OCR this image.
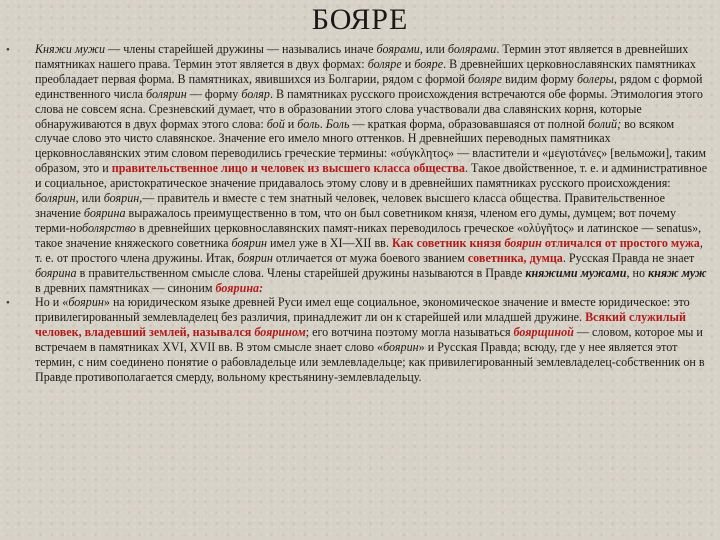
БОЯРЕ

• Княжи мужи — члены старейшей дружины — назывались иначе боярами, или болярами. Термин этот является в древнейших памятниках нашего права. Термин этот является в двух формах: боляре и бояре. В древнейших церковнославянских памятниках преобладает первая форма. В памятниках, явившихся из Болгарии, рядом с формой боляре видим форму болеры, рядом с формой единственного числа болярин — форму боляр. В памятниках русского происхождения встречаются обе формы. Этимология этого слова не совсем ясна. Срезневский думает, что в образовании этого слова участвовали два славянских корня, которые обнаруживаются в двух формах этого слова: бой и боль. Боль — краткая форма, образовавшаяся от полной болий; во всяком случае слово это чисто славянское. Значение его имело много оттенков. Н древнейших переводных памятниках церковнославянских этим словом переводились греческие термины: «σύγκλητος» — властители и «μεγιστάνες» [вельможи], таким образом, это и правительственное лицо и человек из высшего класса общества. Такое двойственное, т. е. и административное и социальное, аристократическое значение придавалось этому слову и в древнейших памятниках русского происхождения: болярин, или боярин,— правитель и вместе с тем знатный человек, человек высшего класса общества. Правительственное значение боярина выражалось преимущественно в том, что он был советником князя, членом его думы, думцем; вот почему терми-ноболярство в древнейших церковнославянских памят-никах переводилось греческое «ολὐγῆτος» и латинское — senatus», такое значение княжеского советника боярин имел уже в XI—XII вв. Как советник князя боярин отличался от простого мужа, т. е. от простого члена дружины. Итак, боярин отличается от мужа боевого званием советника, думца. Русская Правда не знает боярина в правительственном смысле слова. Члены старейшей дружины называются в Правде княжими мужами, но княж муж в древних памятниках — синоним боярина:

• Но и «боярин» на юридическом языке древней Руси имел еще социальное, экономическое значение и вместе юридическое: это привилегированный землевладелец без различия, принадлежит ли он к старейшей или младшей дружине. Всякий служилый человек, владевший землей, назывался боярином; его вотчина поэтому могла называться боярщиной — словом, которое мы и встречаем в памятниках XVI, XVII вв. В этом смысле знает слово «боярин» и Русская Правда; всюду, где у нее является этот термин, с ним соединено понятие о рабовладельце или землевладельце; как привилегированный землевладелец-собственник он в Правде противополагается смерду, вольному крестьянину-землевладельцу.
